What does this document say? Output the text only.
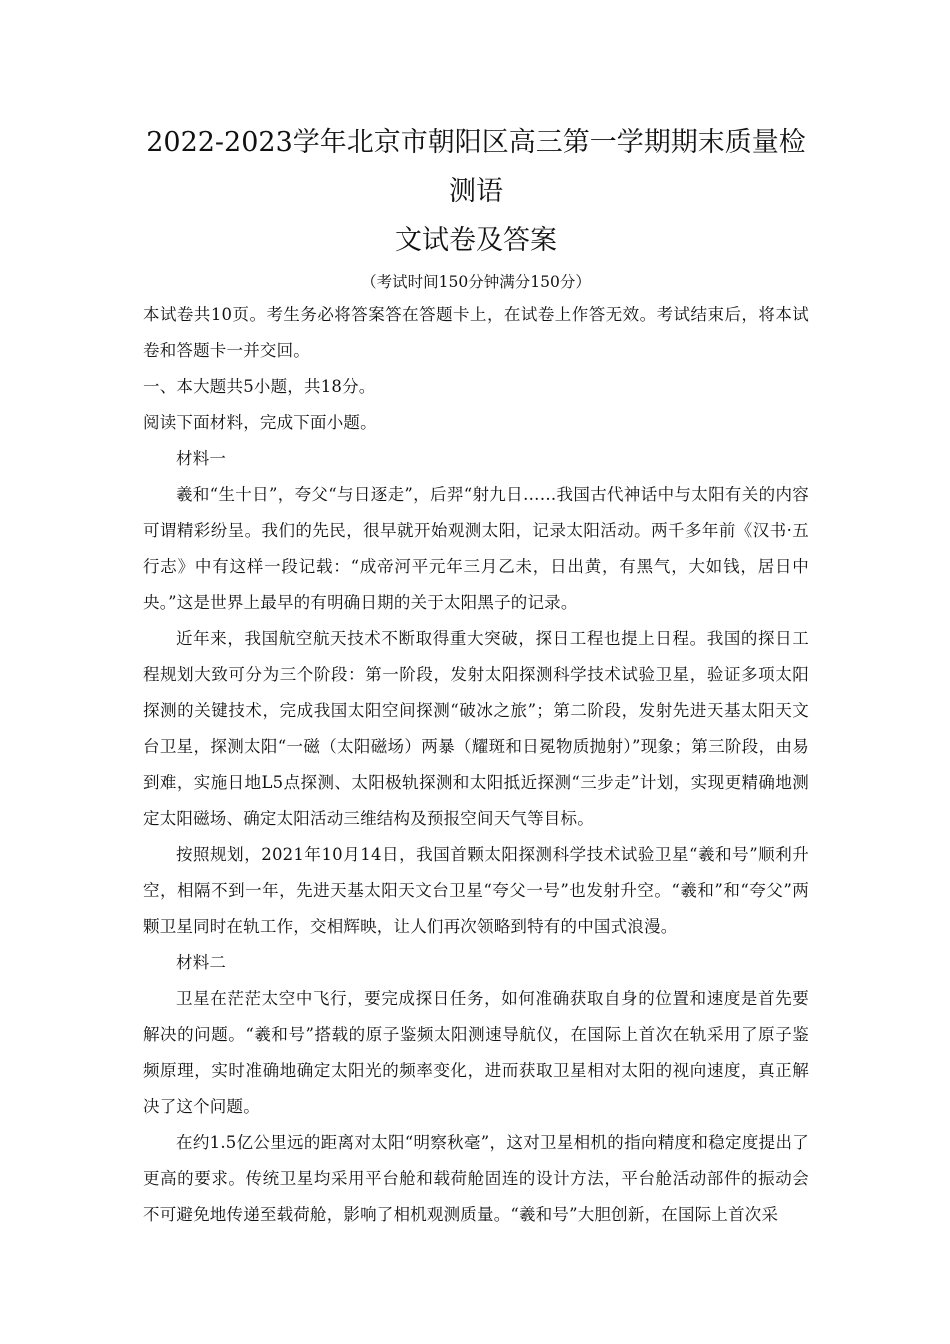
2022-2023学年北京市朝阳区高三第一学期期末质量检测语
文试卷及答案
（考试时间150分钟满分150分）

本试卷共10页。考生务必将答案答在答题卡上，在试卷上作答无效。考试结束后，将本试卷和答题卡一并交回。

一、本大题共5小题，共18分。

阅读下面材料，完成下面小题。

材料一

羲和“生十日”，夸父“与日逐走”，后羿“射九日……我国古代神话中与太阳有关的内容可谓精彩纷呈。我们的先民，很早就开始观测太阳，记录太阳活动。两千多年前《汉书·五行志》中有这样一段记载：“成帝河平元年三月乙未，日出黄，有黑气，大如钱，居日中央。”这是世界上最早的有明确日期的关于太阳黑子的记录。

近年来，我国航空航天技术不断取得重大突破，探日工程也提上日程。我国的探日工程规划大致可分为三个阶段：第一阶段，发射太阳探测科学技术试验卫星，验证多项太阳探测的关键技术，完成我国太阳空间探测“破冰之旅”；第二阶段，发射先进天基太阳天文台卫星，探测太阳“一磁（太阳磁场）两暴（耀斑和日冕物质抛射）”现象；第三阶段，由易到难，实施日地L5点探测、太阳极轨探测和太阳抵近探测“三步走”计划，实现更精确地测定太阳磁场、确定太阳活动三维结构及预报空间天气等目标。

按照规划，2021年10月14日，我国首颗太阳探测科学技术试验卫星“羲和号”顺利升空，相隔不到一年，先进天基太阳天文台卫星“夸父一号”也发射升空。“羲和”和“夸父”两颗卫星同时在轨工作，交相辉映，让人们再次领略到特有的中国式浪漫。

材料二

卫星在茫茫太空中飞行，要完成探日任务，如何准确获取自身的位置和速度是首先要解决的问题。“羲和号”搭载的原子鉴频太阳测速导航仪，在国际上首次在轨采用了原子鉴频原理，实时准确地确定太阳光的频率变化，进而获取卫星相对太阳的视向速度，真正解决了这个问题。

在约1.5亿公里远的距离对太阳“明察秋毫”，这对卫星相机的指向精度和稳定度提出了更高的要求。传统卫星均采用平台舱和载荷舱固连的设计方法，平台舱活动部件的振动会不可避免地传递至载荷舱，影响了相机观测质量。“羲和号”大胆创新，在国际上首次采
